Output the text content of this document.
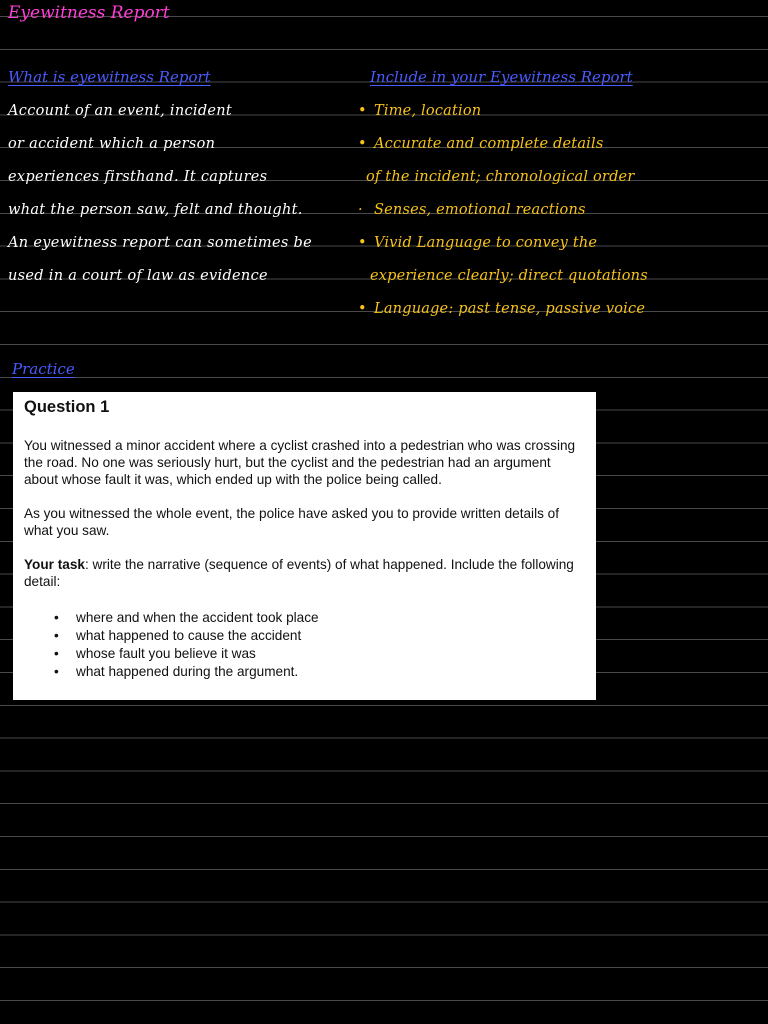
Eyewitness Report
What is eyewitness Report
Account of an event, incident
or accident which a person
experiences firsthand. It captures
what the person saw, felt and thought.
An eyewitness report can sometimes be
used in a court of law as evidence
Include in your Eyewitness Report
• Time, location
• Accurate and complete details
of the incident; chronological order
· Senses, emotional reactions
• Vivid Language to convey the
experience clearly; direct quotations
• Language: past tense, passive voice
Practice
Question 1

You witnessed a minor accident where a cyclist crashed into a pedestrian who was crossing the road. No one was seriously hurt, but the cyclist and the pedestrian had an argument about whose fault it was, which ended up with the police being called.

As you witnessed the whole event, the police have asked you to provide written details of what you saw.

Your task: write the narrative (sequence of events) of what happened. Include the following detail:

• where and when the accident took place
• what happened to cause the accident
• whose fault you believe it was
• what happened during the argument.
